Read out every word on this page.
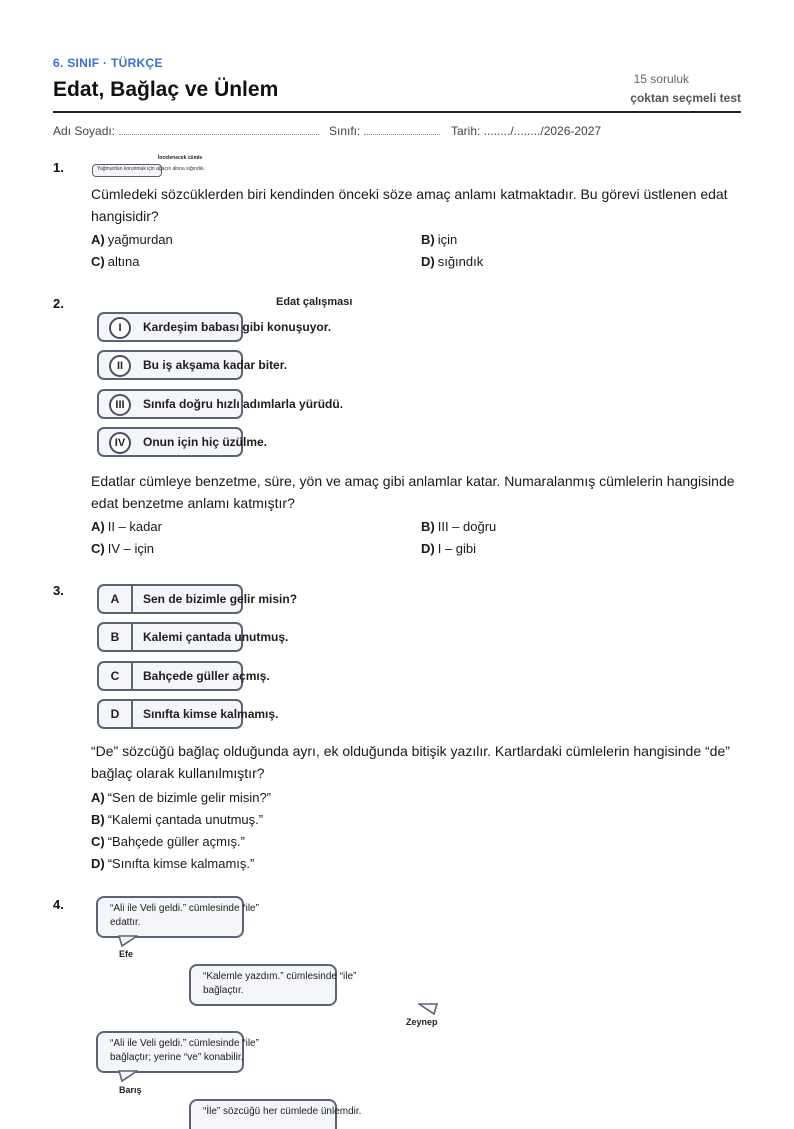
6. SINIF · TÜRKÇE
Edat, Bağlaç ve Ünlem	15 soruluk
çoktan seçmeli test
Adı Soyadı:	Sınıfı:	Tarih: ......../......../2026-2027
1.
İncelenecek cümle
Yağmurdan korunmak için ağacın altına sığındık.
Cümledeki sözcüklerden biri kendinden önceki söze amaç anlamı katmaktadır. Bu görevi üstlenen edat hangisidir?
A) yağmurdan	B) için
C) altına	D) sığındık
2.	Edat çalışması
I	Kardeşim babası gibi konuşuyor.
II	Bu iş akşama kadar biter.
III	Sınıfa doğru hızlı adımlarla yürüdü.
IV	Onun için hiç üzülme.
Edatlar cümleye benzetme, süre, yön ve amaç gibi anlamlar katar. Numaralanmış cümlelerin hangisinde edat benzetme anlamı katmıştır?
A) II – kadar	B) III – doğru
C) IV – için	D) I – gibi
3.
A	Sen de bizimle gelir misin?
B	Kalemi çantada unutmuş.
C	Bahçede güller açmış.
D	Sınıfta kimse kalmamış.
“De” sözcüğü bağlaç olduğunda ayrı, ek olduğunda bitişik yazılır. Kartlardaki cümlelerin hangisinde “de” bağlaç olarak kullanılmıştır?
A) “Sen de bizimle gelir misin?”
B) “Kalemi çantada unutmuş.”
C) “Bahçede güller açmış.”
D) “Sınıfta kimse kalmamış.”
4.	“Ali ile Veli geldi.” cümlesinde “ile” edattır.
Efe
“Kalemle yazdım.” cümlesinde “ile” bağlaçtır.
Zeynep
“Ali ile Veli geldi.” cümlesinde “ile” bağlaçtır; yerine “ve” konabilir.
Barış
“İle” sözcüğü her cümlede ünlemdir.
